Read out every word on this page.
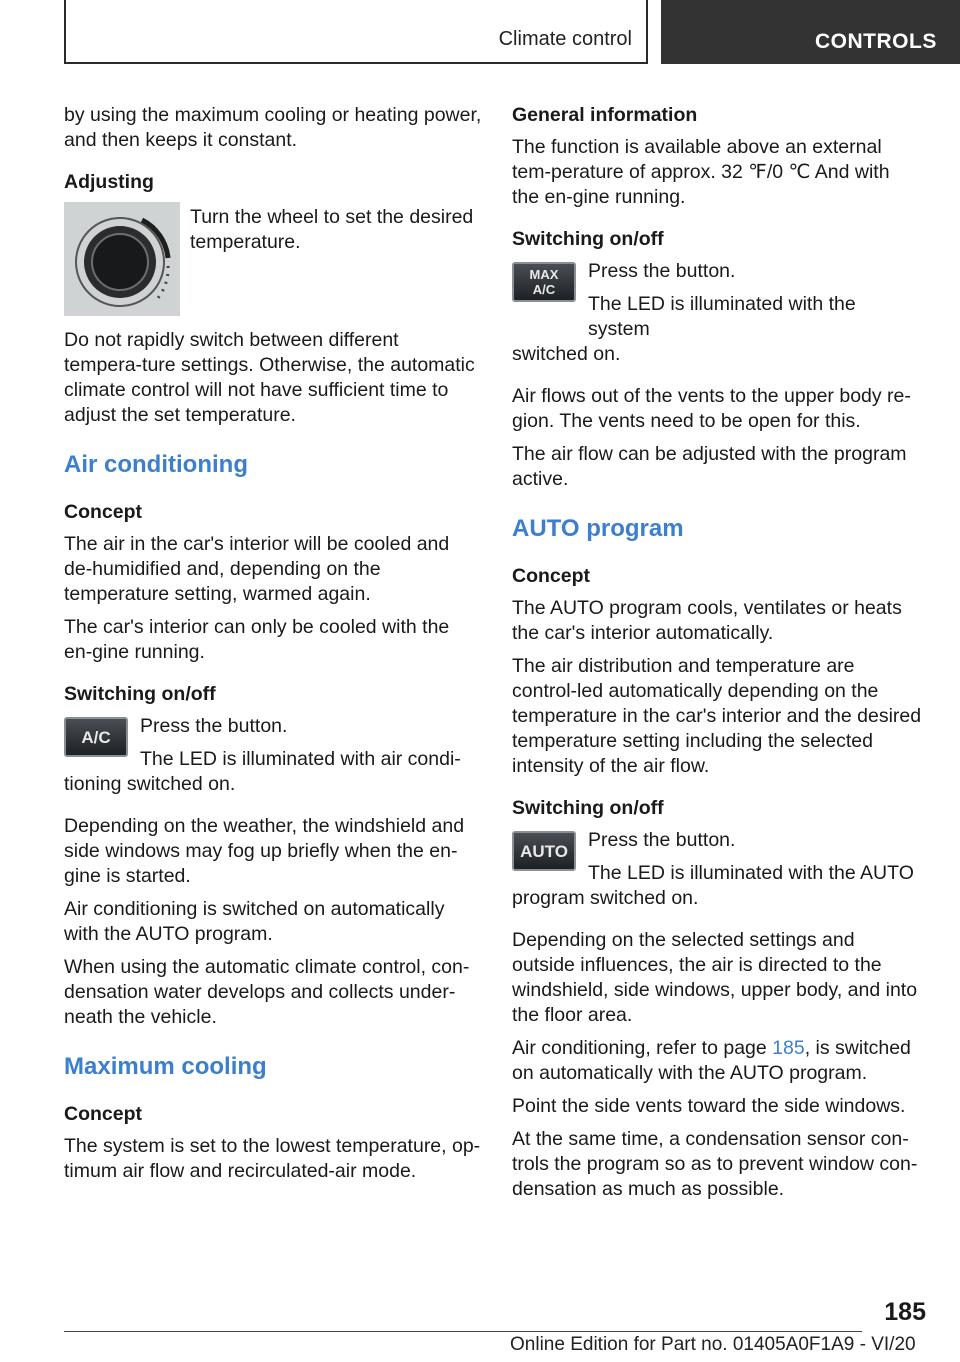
Climate control	CONTROLS

by using the maximum cooling or heating power, and then keeps it constant.

Adjusting
Turn the wheel to set the desired temperature.

Do not rapidly switch between different tempera‐ture settings. Otherwise, the automatic climate control will not have sufficient time to adjust the set temperature.

Air conditioning
Concept

The air in the car's interior will be cooled and de‐humidified and, depending on the temperature setting, warmed again.

The car's interior can only be cooled with the en‐gine running.

Switching on/off
A/C	Press the button.

The LED is illuminated with air condi‐

tioning switched on.

Depending on the weather, the windshield and side windows may fog up briefly when the en‐gine is started.

Air conditioning is switched on automatically with the AUTO program.

When using the automatic climate control, con‐densation water develops and collects under‐neath the vehicle.

Maximum cooling
Concept

The system is set to the lowest temperature, op‐timum air flow and recirculated-air mode.

General information

The function is available above an external tem‐perature of approx. 32 ℉/0 ℃ And with the en‐gine running.

Switching on/off
MAX
A/C

Press the button.

The LED is illuminated with the system

switched on.

Air flows out of the vents to the upper body re‐gion. The vents need to be open for this.

The air flow can be adjusted with the program active.

AUTO program
Concept

The AUTO program cools, ventilates or heats the car's interior automatically.

The air distribution and temperature are control‐led automatically depending on the temperature in the car's interior and the desired temperature setting including the selected intensity of the air flow.

Switching on/off
AUTO	Press the button.

The LED is illuminated with the AUTO

program switched on.

Depending on the selected settings and outside influences, the air is directed to the windshield, side windows, upper body, and into the floor area.

Air conditioning, refer to page 185, is switched on automatically with the AUTO program.

Point the side vents toward the side windows.

At the same time, a condensation sensor con‐trols the program so as to prevent window con‐densation as much as possible.

185
Online Edition for Part no. 01405A0F1A9 - VI/20
